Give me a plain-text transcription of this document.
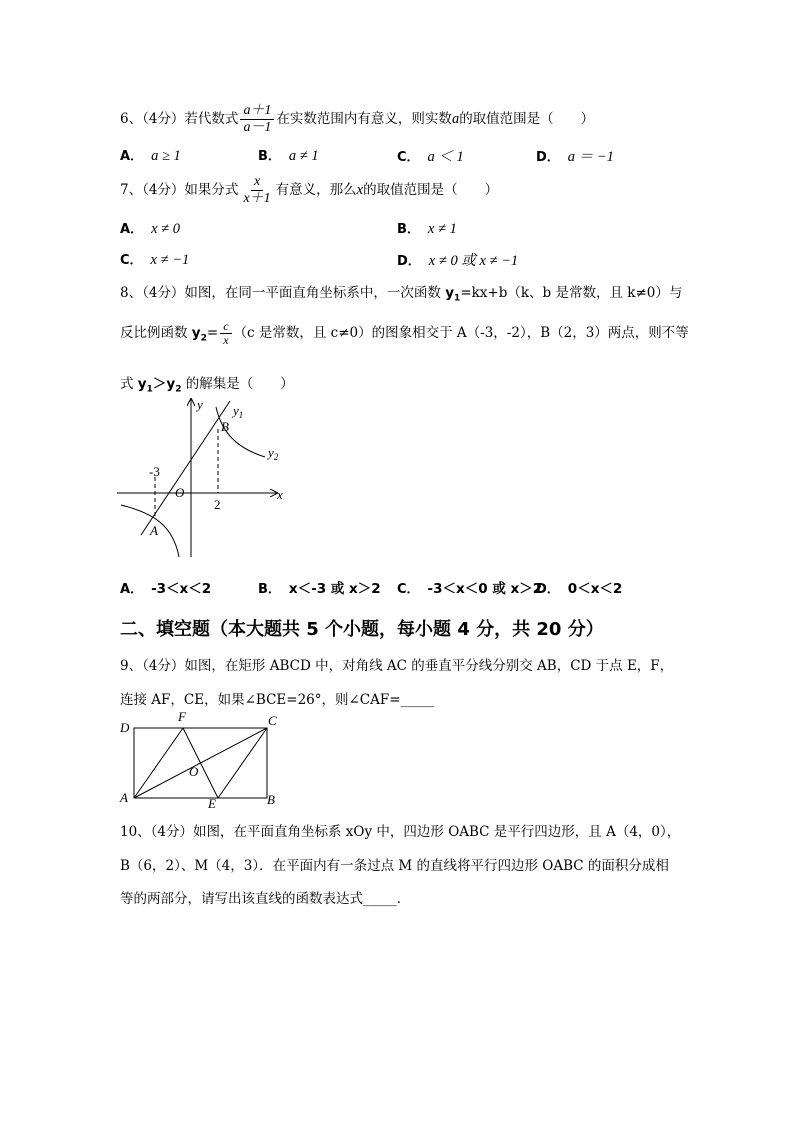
6、（4分）若代数式 $\frac{a+1}{a-1}$ 在实数范围内有意义，则实数a的取值范围是（　　）
A． a ≥ 1	B． a ≠ 1	C． a ＜ 1	D． a ＝ −1
7、（4分）如果分式 $\frac{x}{x+1}$ 有意义，那么x的取值范围是（　　）
A． x ≠ 0	B． x ≠ 1
C． x ≠ −1	D． x ≠ 0 或 x ≠ −1
8、（4分）如图，在同一平面直角坐标系中，一次函数 $y_1=kx+b(k$、b 是常数，且 k≠0）与
反比例函数 $y_2= \frac{c}{x} (c$ 是常数，且 c≠0）的图象相交于 A（-3，-2），B（2，3）两点，则不等
式 $y_1>y_2$ 的解集是（　　）
y
x
O
$y_1$
$y_2$
B
A
-3
2
A． -3＜x＜2	B． x＜-3 或 x＞2 C． -3＜x＜0 或 x＞2
D． 0＜x＜2
二、填空题（本大题共 5 个小题，每小题 4 分，共 20 分）
9、（4分）如图，在矩形 ABCD 中，对角线 AC 的垂直平分线分别交 AB，CD 于点 E，F，
连接 AF，CE，如果∠BCE=26°，则∠CAF=_____
D
F	C
O
A	E	B
10、（4分）如图，在平面直角坐标系 xOy 中，四边形 OABC 是平行四边形，且 A（4，0），
B（6，2）、M（4，3）．在平面内有一条过点 M 的直线将平行四边形 OABC 的面积分成相
等的两部分，请写出该直线的函数表达式_____．
